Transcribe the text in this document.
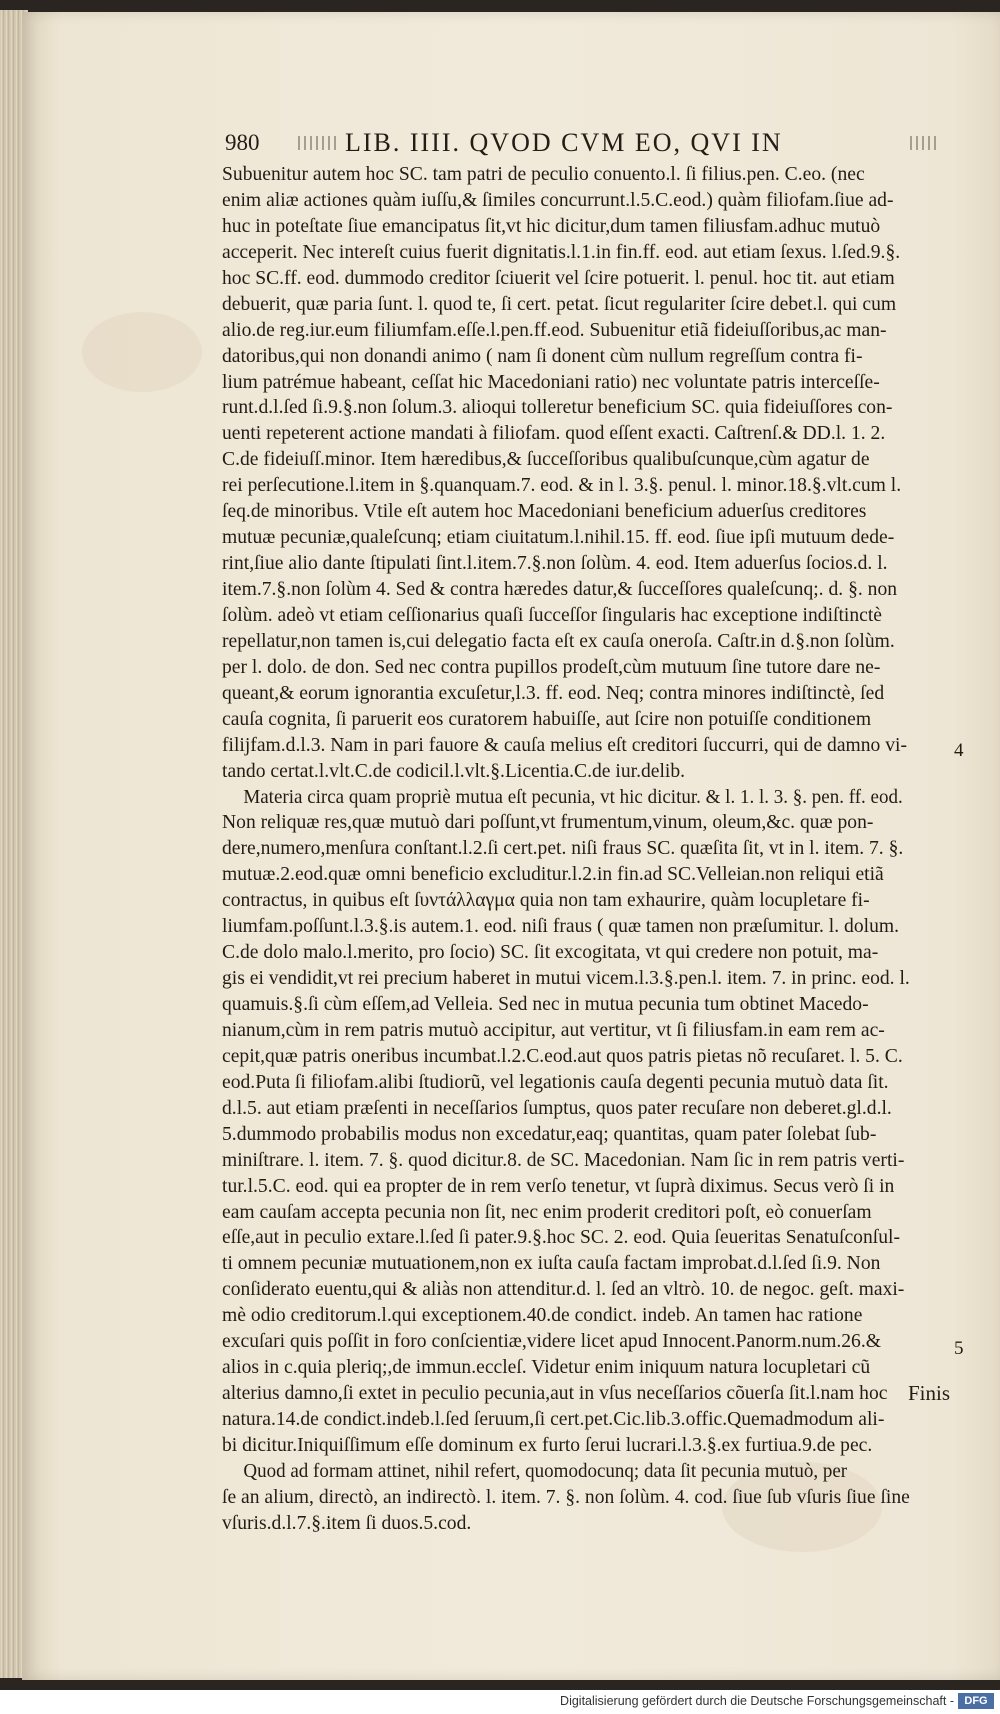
980	LIB. IIII. QVOD CVM EO, QVI IN
Subuenitur autem hoc SC. tam patri de peculio conuento.l. ſi filius.pen. C.eo. (nec
enim aliæ actiones quàm iuſſu,& ſimiles concurrunt.l.5.C.eod.) quàm filiofam.ſiue ad-
huc in poteſtate ſiue emancipatus ſit,vt hic dicitur,dum tamen filiusfam.adhuc mutuò
acceperit. Nec intereſt cuius fuerit dignitatis.l.1.in fin.ff. eod. aut etiam ſexus. l.ſed.9.§.
hoc SC.ff. eod. dummodo creditor ſciuerit vel ſcire potuerit. l. penul. hoc tit. aut etiam
debuerit, quæ paria ſunt. l. quod te, ſi cert. petat. ſicut regulariter ſcire debet.l. qui cum
alio.de reg.iur.eum filiumfam.eſſe.l.pen.ff.eod. Subuenitur etiã fideiuſſoribus,ac man-
datoribus,qui non donandi animo ( nam ſi donent cùm nullum regreſſum contra fi-
lium patrémue habeant, ceſſat hic Macedoniani ratio) nec voluntate patris interceſſe-
runt.d.l.ſed ſi.9.§.non ſolum.3. alioqui tolleretur beneficium SC. quia fideiuſſores con-
uenti repeterent actione mandati à filiofam. quod eſſent exacti. Caſtrenſ.& DD.l. 1. 2.
C.de fideiuſſ.minor. Item hæredibus,& ſucceſſoribus qualibuſcunque,cùm agatur de
rei perſecutione.l.item in §.quanquam.7. eod. & in l. 3.§. penul. l. minor.18.§.vlt.cum l.
ſeq.de minoribus. Vtile eſt autem hoc Macedoniani beneficium aduerſus creditores
mutuæ pecuniæ,qualeſcunq; etiam ciuitatum.l.nihil.15. ff. eod. ſiue ipſi mutuum dede-
rint,ſiue alio dante ſtipulati ſint.l.item.7.§.non ſolùm. 4. eod. Item aduerſus ſocios.d. l.
item.7.§.non ſolùm 4. Sed & contra hæredes datur,& ſucceſſores qualeſcunq;. d. §. non
ſolùm. adeò vt etiam ceſſionarius quaſi ſucceſſor ſingularis hac exceptione indiſtinctè
repellatur,non tamen is,cui delegatio facta eſt ex cauſa oneroſa. Caſtr.in d.§.non ſolùm.
per l. dolo. de don. Sed nec contra pupillos prodeſt,cùm mutuum ſine tutore dare ne-
queant,& eorum ignorantia excuſetur,l.3. ff. eod. Neq; contra minores indiſtinctè, ſed
cauſa cognita, ſi paruerit eos curatorem habuiſſe, aut ſcire non potuiſſe conditionem
filijfam.d.l.3. Nam in pari fauore & cauſa melius eſt creditori ſuccurri, qui de damno vi-
tando certat.l.vlt.C.de codicil.l.vlt.§.Licentia.C.de iur.delib.
Materia circa quam propriè mutua eſt pecunia, vt hic dicitur. & l. 1. l. 3. §. pen. ff. eod.
Non reliquæ res,quæ mutuò dari poſſunt,vt frumentum,vinum, oleum,&c. quæ pon-
dere,numero,menſura conſtant.l.2.ſi cert.pet. niſi fraus SC. quæſita ſit, vt in l. item. 7. §.
mutuæ.2.eod.quæ omni beneficio excluditur.l.2.in fin.ad SC.Velleian.non reliqui etiã
contractus, in quibus eſt ſυντάλλαγμα quia non tam exhaurire, quàm locupletare fi-
liumfam.poſſunt.l.3.§.is autem.1. eod. niſi fraus ( quæ tamen non præſumitur. l. dolum.
C.de dolo malo.l.merito, pro ſocio) SC. ſit excogitata, vt qui credere non potuit, ma-
gis ei vendidit,vt rei precium haberet in mutui vicem.l.3.§.pen.l. item. 7. in princ. eod. l.
quamuis.§.ſi cùm eſſem,ad Velleia. Sed nec in mutua pecunia tum obtinet Macedo-
nianum,cùm in rem patris mutuò accipitur, aut vertitur, vt ſi filiusfam.in eam rem ac-
cepit,quæ patris oneribus incumbat.l.2.C.eod.aut quos patris pietas nõ recuſaret. l. 5. C.
eod.Puta ſi filiofam.alibi ſtudiorũ, vel legationis cauſa degenti pecunia mutuò data ſit.
d.l.5. aut etiam præſenti in neceſſarios ſumptus, quos pater recuſare non deberet.gl.d.l.
5.dummodo probabilis modus non excedatur,eaq; quantitas, quam pater ſolebat ſub-
miniſtrare. l. item. 7. §. quod dicitur.8. de SC. Macedonian. Nam ſic in rem patris verti-
tur.l.5.C. eod. qui ea propter de in rem verſo tenetur, vt ſuprà diximus. Secus verò ſi in
eam cauſam accepta pecunia non ſit, nec enim proderit creditori poſt, eò conuerſam
eſſe,aut in peculio extare.l.ſed ſi pater.9.§.hoc SC. 2. eod. Quia ſeueritas Senatuſconſul-
ti omnem pecuniæ mutuationem,non ex iuſta cauſa factam improbat.d.l.ſed ſi.9. Non
conſiderato euentu,qui & aliàs non attenditur.d. l. ſed an vltrò. 10. de negoc. geſt. maxi-
mè odio creditorum.l.qui exceptionem.40.de condict. indeb. An tamen hac ratione
excuſari quis poſſit in foro conſcientiæ,videre licet apud Innocent.Panorm.num.26.&
alios in c.quia pleriq;,de immun.eccleſ. Videtur enim iniquum natura locupletari cũ
alterius damno,ſi extet in peculio pecunia,aut in vſus neceſſarios cõuerſa ſit.l.nam hoc
natura.14.de condict.indeb.l.ſed ſeruum,ſi cert.pet.Cic.lib.3.offic.Quemadmodum ali-
bi dicitur.Iniquiſſimum eſſe dominum ex furto ſerui lucrari.l.3.§.ex furtiua.9.de pec.
Quod ad formam attinet, nihil refert, quomodocunq; data ſit pecunia mutuò, per
ſe an alium, directò, an indirectò. l. item. 7. §. non ſolùm. 4. cod. ſiue ſub vſuris ſiue ſine
vſuris.d.l.7.§.item ſi duos.5.cod.
4
5
Finis
Digitalisierung gefördert durch die Deutsche Forschungsgemeinschaft - DFG
